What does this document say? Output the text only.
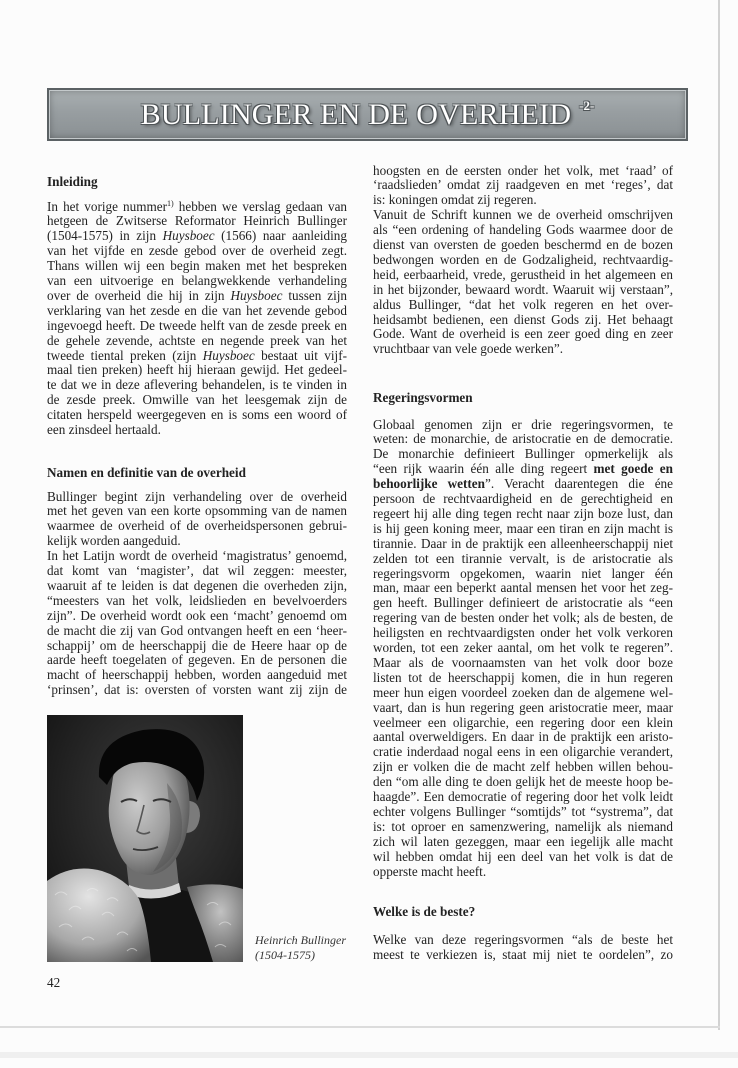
BULLINGER EN DE OVERHEID -2-
Inleiding
In het vorige nummer$^{1)}$ hebben we verslag gedaan van
hetgeen de Zwitserse Reformator Heinrich Bullinger
(1504-1575) in zijn Huysboec (1566) naar aanleiding
van het vijfde en zesde gebod over de overheid zegt.
Thans willen wij een begin maken met het bespreken
van een uitvoerige en belangwekkende verhandeling
over de overheid die hij in zijn Huysboec tussen zijn
verklaring van het zesde en die van het zevende gebod
ingevoegd heeft. De tweede helft van de zesde preek en
de gehele zevende, achtste en negende preek van het
tweede tiental preken (zijn Huysboec bestaat uit vijf-
maal tien preken) heeft hij hieraan gewijd. Het gedeel-
te dat we in deze aflevering behandelen, is te vinden in
de zesde preek. Omwille van het leesgemak zijn de
citaten herspeld weergegeven en is soms een woord of
een zinsdeel hertaald.
Namen en definitie van de overheid
Bullinger begint zijn verhandeling over de overheid
met het geven van een korte opsomming van de namen
waarmee de overheid of de overheidspersonen gebrui-
kelijk worden aangeduid.
In het Latijn wordt de overheid ‘magistratus’ genoemd,
dat komt van ‘magister’, dat wil zeggen: meester,
waaruit af te leiden is dat degenen die overheden zijn,
“meesters van het volk, leidslieden en bevelvoerders
zijn”. De overheid wordt ook een ‘macht’ genoemd om
de macht die zij van God ontvangen heeft en een ‘heer-
schappij’ om de heerschappij die de Heere haar op de
aarde heeft toegelaten of gegeven. En de personen die
macht of heerschappij hebben, worden aangeduid met
‘prinsen’, dat is: oversten of vorsten want zij zijn de
hoogsten en de eersten onder het volk, met ‘raad’ of
‘raadslieden’ omdat zij raadgeven en met ‘reges’, dat
is: koningen omdat zij regeren.
Vanuit de Schrift kunnen we de overheid omschrijven
als “een ordening of handeling Gods waarmee door de
dienst van oversten de goeden beschermd en de bozen
bedwongen worden en de Godzaligheid, rechtvaardig-
heid, eerbaarheid, vrede, gerustheid in het algemeen en
in het bijzonder, bewaard wordt. Waaruit wij verstaan”,
aldus Bullinger, “dat het volk regeren en het over-
heidsambt bedienen, een dienst Gods zij. Het behaagt
Gode. Want de overheid is een zeer goed ding en zeer
vruchtbaar van vele goede werken”.
Regeringsvormen
Globaal genomen zijn er drie regeringsvormen, te
weten: de monarchie, de aristocratie en de democratie.
De monarchie definieert Bullinger opmerkelijk als
“een rijk waarin één alle ding regeert met goede en
behoorlijke wetten”. Veracht daarentegen die éne
persoon de rechtvaardigheid en de gerechtigheid en
regeert hij alle ding tegen recht naar zijn boze lust, dan
is hij geen koning meer, maar een tiran en zijn macht is
tirannie. Daar in de praktijk een alleenheerschappij niet
zelden tot een tirannie vervalt, is de aristocratie als
regeringsvorm opgekomen, waarin niet langer één
man, maar een beperkt aantal mensen het voor het zeg-
gen heeft. Bullinger definieert de aristocratie als “een
regering van de besten onder het volk; als de besten, de
heiligsten en rechtvaardigsten onder het volk verkoren
worden, tot een zeker aantal, om het volk te regeren”.
Maar als de voornaamsten van het volk door boze
listen tot de heerschappij komen, die in hun regeren
meer hun eigen voordeel zoeken dan de algemene wel-
vaart, dan is hun regering geen aristocratie meer, maar
veelmeer een oligarchie, een regering door een klein
aantal overweldigers. En daar in de praktijk een aristo-
cratie inderdaad nogal eens in een oligarchie verandert,
zijn er volken die de macht zelf hebben willen behou-
den “om alle ding te doen gelijk het de meeste hoop be-
haagde”. Een democratie of regering door het volk leidt
echter volgens Bullinger “somtijds” tot “systrema”, dat
is: tot oproer en samenzwering, namelijk als niemand
zich wil laten gezeggen, maar een iegelijk alle macht
wil hebben omdat hij een deel van het volk is dat de
opperste macht heeft.
Welke is de beste?
Welke van deze regeringsvormen “als de beste het
meest te verkiezen is, staat mij niet te oordelen”, zo
Heinrich Bullinger
(1504-1575)
42
